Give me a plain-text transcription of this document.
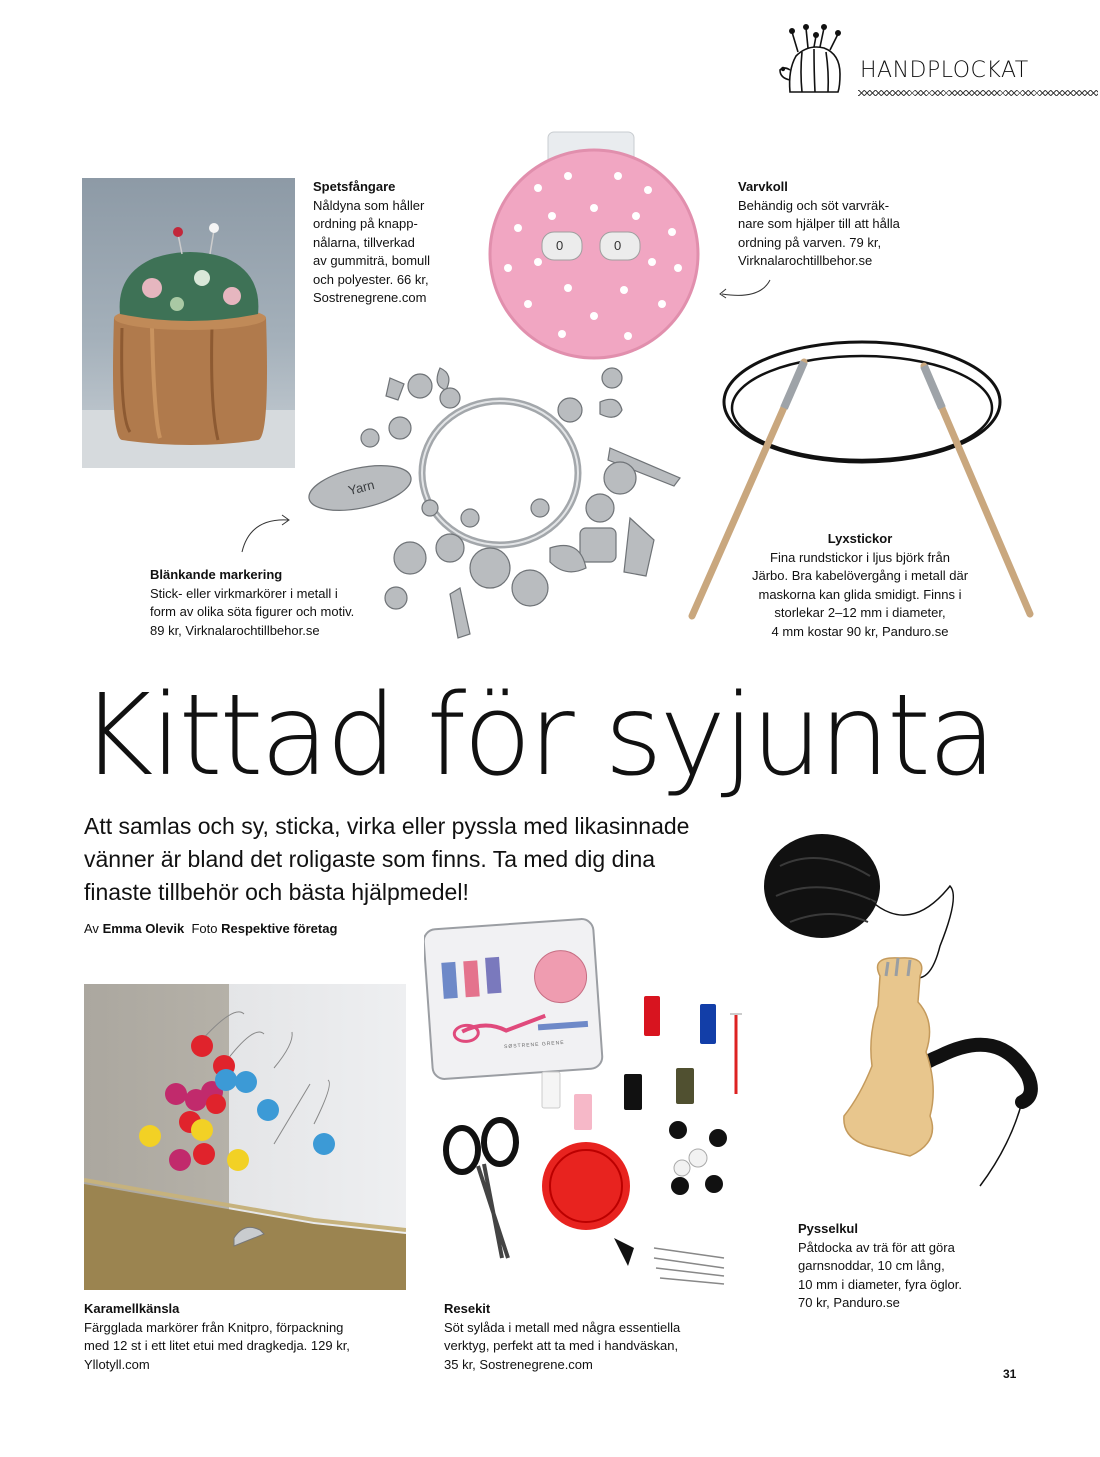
HANDPLOCKAT
Spetsfångare
Nåldyna som håller
ordning på knapp-
nålarna, tillverkad
av gummiträ, bomull
och polyester. 66 kr,
Sostrenegrene.com
0	0
Varvkoll
Behändig och söt varvräk-
nare som hjälper till att hålla
ordning på varven. 79 kr,
Virknalarochtillbehor.se
Yarn
Blänkande markering
Stick- eller virkmarkörer i metall i
form av olika söta figurer och motiv.
89 kr, Virknalarochtillbehor.se
Lyxstickor
Fina rundstickor i ljus björk från
Järbo. Bra kabelövergång i metall där
maskorna kan glida smidigt. Finns i
storlekar 2–12 mm i diameter,
4 mm kostar 90 kr, Panduro.se
Kittad för syjunta
Att samlas och sy, sticka, virka eller pyssla med likasinnade
vänner är bland det roligaste som finns. Ta med dig dina
finaste tillbehör och bästa hjälpmedel!
Av Emma Olevik Foto Respektive företag
Pysselkul
Påtdocka av trä för att göra
garnsnoddar, 10 cm lång,
10 mm i diameter, fyra öglor.
70 kr, Panduro.se
Karamellkänsla
Färgglada markörer från Knitpro, förpackning
med 12 st i ett litet etui med dragkedja. 129 kr,
Yllotyll.com
SØSTRENE GRENE
Resekit
Söt sylåda i metall med några essentiella
verktyg, perfekt att ta med i handväskan,
35 kr, Sostrenegrene.com
31
